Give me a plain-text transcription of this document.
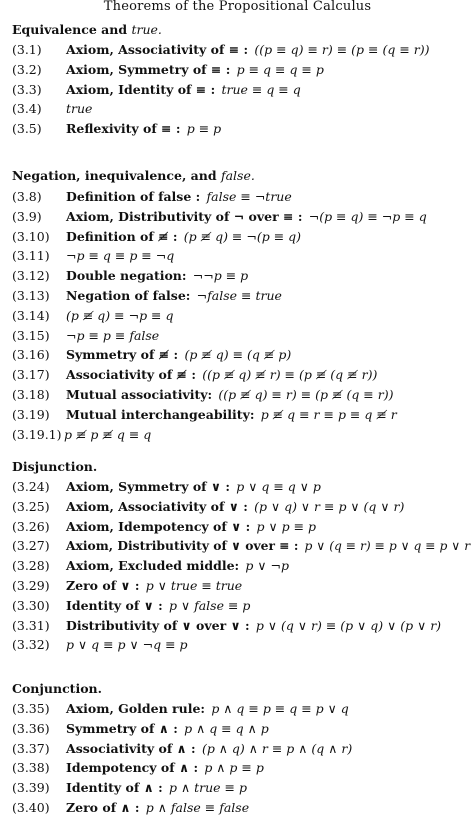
Theorems of the Propositional Calculus
Equivalence and true.
(3.1) Axiom, Associativity of ≡ :  ((p ≡ q) ≡ r) ≡ (p ≡ (q ≡ r))
(3.2) Axiom, Symmetry of ≡ :  p ≡ q ≡ q ≡ p
(3.3) Axiom, Identity of ≡ :  true ≡ q ≡ q
(3.4) true
(3.5) Reflexivity of ≡ :  p ≡ p
Negation, inequivalence, and false.
(3.8) Definition of false :  false ≡ ¬true
(3.9) Axiom, Distributivity of ¬ over ≡ :  ¬(p ≡ q) ≡ ¬p ≡ q
(3.10) Definition of ≢ :  (p ≢ q) ≡ ¬(p ≡ q)
(3.11) ¬p ≡ q ≡ p ≡ ¬q
(3.12) Double negation:  ¬¬p ≡ p
(3.13) Negation of false:  ¬false ≡ true
(3.14) (p ≢ q) ≡ ¬p ≡ q
(3.15) ¬p ≡ p ≡ false
(3.16) Symmetry of ≢ :  (p ≢ q) ≡ (q ≢ p)
(3.17) Associativity of ≢ :  ((p ≢ q) ≢ r) ≡ (p ≢ (q ≢ r))
(3.18) Mutual associativity:  ((p ≢ q) ≡ r) ≡ (p ≢ (q ≡ r))
(3.19) Mutual interchangeability:  p ≢ q ≡ r ≡ p ≡ q ≢ r
(3.19.1) p ≢ p ≢ q ≡ q
Disjunction.
(3.24) Axiom, Symmetry of ∨ :  p ∨ q ≡ q ∨ p
(3.25) Axiom, Associativity of ∨ :  (p ∨ q) ∨ r ≡ p ∨ (q ∨ r)
(3.26) Axiom, Idempotency of ∨ :  p ∨ p ≡ p
(3.27) Axiom, Distributivity of ∨ over ≡ :  p ∨ (q ≡ r) ≡ p ∨ q ≡ p ∨ r
(3.28) Axiom, Excluded middle:  p ∨ ¬p
(3.29) Zero of ∨ :  p ∨ true ≡ true
(3.30) Identity of ∨ :  p ∨ false ≡ p
(3.31) Distributivity of ∨ over ∨ :  p ∨ (q ∨ r) ≡ (p ∨ q) ∨ (p ∨ r)
(3.32) p ∨ q ≡ p ∨ ¬q ≡ p
Conjunction.
(3.35) Axiom, Golden rule:  p ∧ q ≡ p ≡ q ≡ p ∨ q
(3.36) Symmetry of ∧ :  p ∧ q ≡ q ∧ p
(3.37) Associativity of ∧ :  (p ∧ q) ∧ r ≡ p ∧ (q ∧ r)
(3.38) Idempotency of ∧ :  p ∧ p ≡ p
(3.39) Identity of ∧ :  p ∧ true ≡ p
(3.40) Zero of ∧ :  p ∧ false ≡ false
